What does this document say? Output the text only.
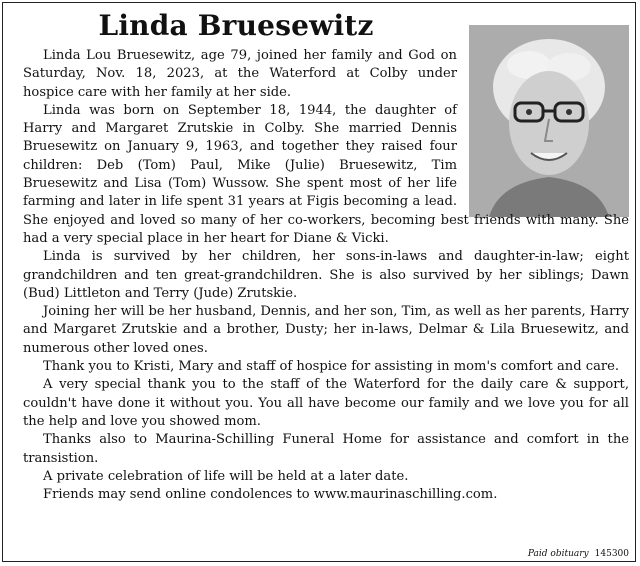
Linda Bruesewitz

Linda Lou Bruesewitz, age 79, joined her family and God on Saturday, Nov. 18, 2023, at the Waterford at Colby under hospice care with her family at her side.

Linda was born on September 18, 1944, the daughter of Harry and Margaret Zrutskie in Colby. She married Dennis Bruesewitz on January 9, 1963, and together they raised four children: Deb (Tom) Paul, Mike (Julie) Bruesewitz, Tim Bruesewitz and Lisa (Tom) Wussow. She spent most of her life farming and later in life spent 31 years at Figis becoming a lead. She enjoyed and loved so many of her co-workers, becoming best friends with many. She had a very special place in her heart for Diane & Vicki.

Linda is survived by her children, her sons-in-laws and daughter-in-law; eight grandchildren and ten great-grandchildren. She is also survived by her siblings; Dawn (Bud) Littleton and Terry (Jude) Zrutskie.

Joining her will be her husband, Dennis, and her son, Tim, as well as her parents, Harry and Margaret Zrutskie and a brother, Dusty; her in-laws, Delmar & Lila Bruesewitz, and numerous other loved ones.

Thank you to Kristi, Mary and staff of hospice for assisting in mom's comfort and care.

A very special thank you to the staff of the Waterford for the daily care & support, couldn't have done it without you. You all have become our family and we love you for all the help and love you showed mom.

Thanks also to Maurina-Schilling Funeral Home for assistance and comfort in the transistion.

A private celebration of life will be held at a later date.

Friends may send online condolences to www.maurinaschilling.com.

Paid obituary 145300
